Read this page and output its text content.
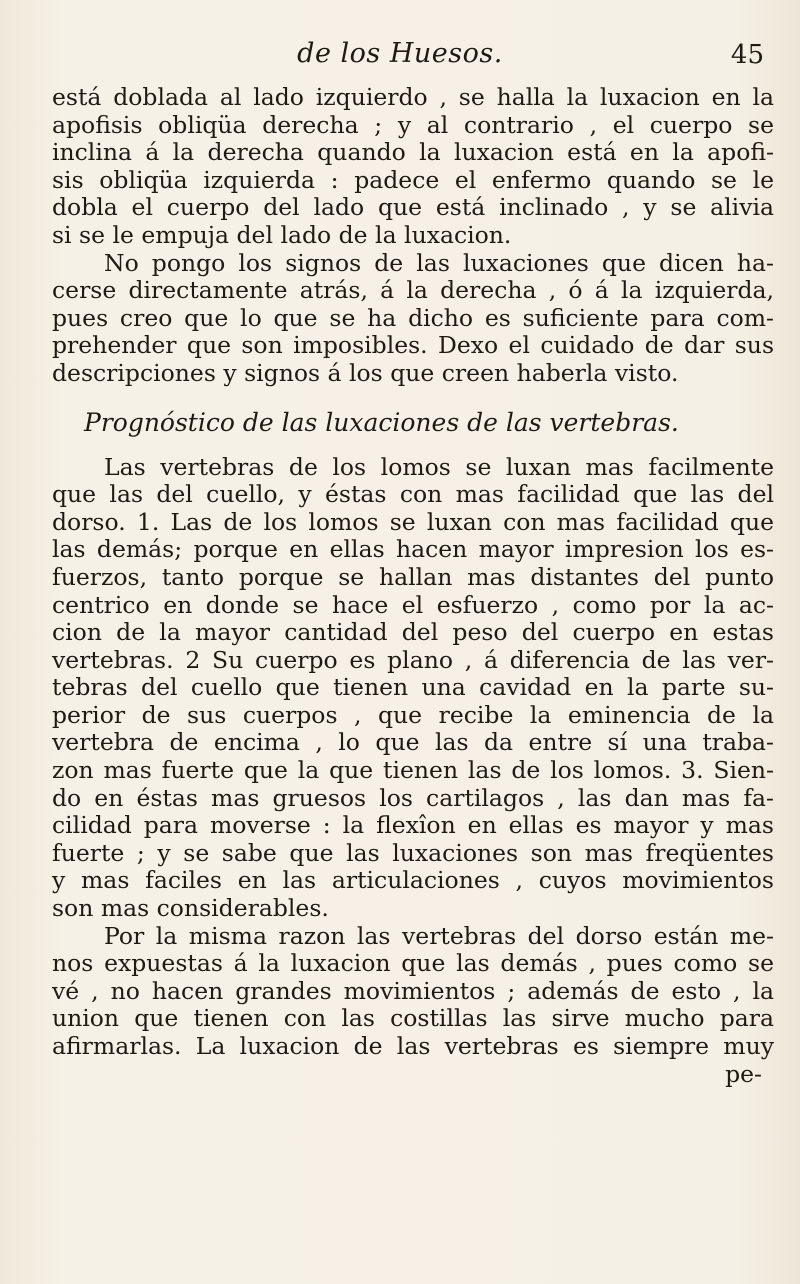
de los Huesos.	45
está doblada al lado izquierdo , se halla la luxacion en la
apofisis obliqüa derecha ; y al contrario , el cuerpo se
inclina á la derecha quando la luxacion está en la apofi-
sis obliqüa izquierda : padece el enfermo quando se le
dobla el cuerpo del lado que está inclinado , y se alivia
si se le empuja del lado de la luxacion.
No pongo los signos de las luxaciones que dicen ha-
cerse directamente atrás, á la derecha , ó á la izquierda,
pues creo que lo que se ha dicho es suficiente para com-
prehender que son imposibles. Dexo el cuidado de dar sus
descripciones y signos á los que creen haberla visto.
Prognóstico de las luxaciones de las vertebras.
Las vertebras de los lomos se luxan mas facilmente
que las del cuello, y éstas con mas facilidad que las del
dorso. 1. Las de los lomos se luxan con mas facilidad que
las demás; porque en ellas hacen mayor impresion los es-
fuerzos, tanto porque se hallan mas distantes del punto
centrico en donde se hace el esfuerzo , como por la ac-
cion de la mayor cantidad del peso del cuerpo en estas
vertebras. 2 Su cuerpo es plano , á diferencia de las ver-
tebras del cuello que tienen una cavidad en la parte su-
perior de sus cuerpos , que recibe la eminencia de la
vertebra de encima , lo que las da entre sí una traba-
zon mas fuerte que la que tienen las de los lomos. 3. Sien-
do en éstas mas gruesos los cartilagos , las dan mas fa-
cilidad para moverse : la flexîon en ellas es mayor y mas
fuerte ; y se sabe que las luxaciones son mas freqüentes
y mas faciles en las articulaciones , cuyos movimientos
son mas considerables.
Por la misma razon las vertebras del dorso están me-
nos expuestas á la luxacion que las demás , pues como se
vé , no hacen grandes movimientos ; además de esto , la
union que tienen con las costillas las sirve mucho para
afirmarlas. La luxacion de las vertebras es siempre muy
pe-
